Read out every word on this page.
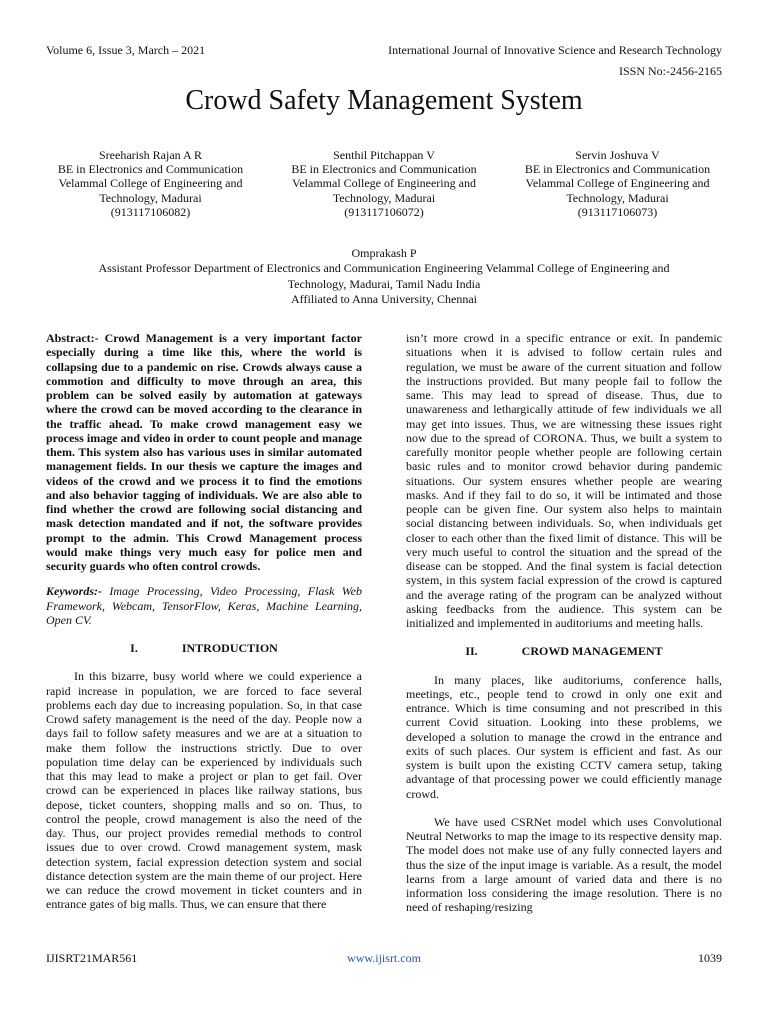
Volume 6, Issue 3, March – 2021	International Journal of Innovative Science and Research Technology
ISSN No:-2456-2165
Crowd Safety Management System
Sreeharish Rajan A R
BE in Electronics and Communication
Velammal College of Engineering and
Technology, Madurai
(913117106082)
Senthil Pitchappan V
BE in Electronics and Communication
Velammal College of Engineering and
Technology, Madurai
(913117106072)
Servin Joshuva V
BE in Electronics and Communication
Velammal College of Engineering and
Technology, Madurai
(913117106073)
Omprakash P
Assistant Professor Department of Electronics and Communication Engineering Velammal College of Engineering and
Technology, Madurai, Tamil Nadu India
Affiliated to Anna University, Chennai

Abstract:- Crowd Management is a very important factor especially during a time like this, where the world is collapsing due to a pandemic on rise. Crowds always cause a commotion and difficulty to move through an area, this problem can be solved easily by automation at gateways where the crowd can be moved according to the clearance in the traffic ahead. To make crowd management easy we process image and video in order to count people and manage them. This system also has various uses in similar automated management fields. In our thesis we capture the images and videos of the crowd and we process it to find the emotions and also behavior tagging of individuals. We are also able to find whether the crowd are following social distancing and mask detection mandated and if not, the software provides prompt to the admin. This Crowd Management process would make things very much easy for police men and security guards who often control crowds.

Keywords:- Image Processing, Video Processing, Flask Web Framework, Webcam, TensorFlow, Keras, Machine Learning, Open CV.

I.	INTRODUCTION

In this bizarre, busy world where we could experience a rapid increase in population, we are forced to face several problems each day due to increasing population. So, in that case Crowd safety management is the need of the day. People now a days fail to follow safety measures and we are at a situation to make them follow the instructions strictly. Due to over population time delay can be experienced by individuals such that this may lead to make a project or plan to get fail. Over crowd can be experienced in places like railway stations, bus depose, ticket counters, shopping malls and so on. Thus, to control the people, crowd management is also the need of the day. Thus, our project provides remedial methods to control issues due to over crowd. Crowd management system, mask detection system, facial expression detection system and social distance detection system are the main theme of our project. Here we can reduce the crowd movement in ticket counters and in entrance gates of big malls. Thus, we can ensure that there

isn’t more crowd in a specific entrance or exit. In pandemic situations when it is advised to follow certain rules and regulation, we must be aware of the current situation and follow the instructions provided. But many people fail to follow the same. This may lead to spread of disease. Thus, due to unawareness and lethargically attitude of few individuals we all may get into issues. Thus, we are witnessing these issues right now due to the spread of CORONA. Thus, we built a system to carefully monitor people whether people are following certain basic rules and to monitor crowd behavior during pandemic situations. Our system ensures whether people are wearing masks. And if they fail to do so, it will be intimated and those people can be given fine. Our system also helps to maintain social distancing between individuals. So, when individuals get closer to each other than the fixed limit of distance. This will be very much useful to control the situation and the spread of the disease can be stopped. And the final system is facial detection system, in this system facial expression of the crowd is captured and the average rating of the program can be analyzed without asking feedbacks from the audience. This system can be initialized and implemented in auditoriums and meeting halls.

II.	CROWD MANAGEMENT

In many places, like auditoriums, conference halls, meetings, etc., people tend to crowd in only one exit and entrance. Which is time consuming and not prescribed in this current Covid situation. Looking into these problems, we developed a solution to manage the crowd in the entrance and exits of such places. Our system is efficient and fast. As our system is built upon the existing CCTV camera setup, taking advantage of that processing power we could efficiently manage crowd.

We have used CSRNet model which uses Convolutional Neutral Networks to map the image to its respective density map. The model does not make use of any fully connected layers and thus the size of the input image is variable. As a result, the model learns from a large amount of varied data and there is no information loss considering the image resolution. There is no need of reshaping/resizing

IJISRT21MAR561	www.ijisrt.com	1039
